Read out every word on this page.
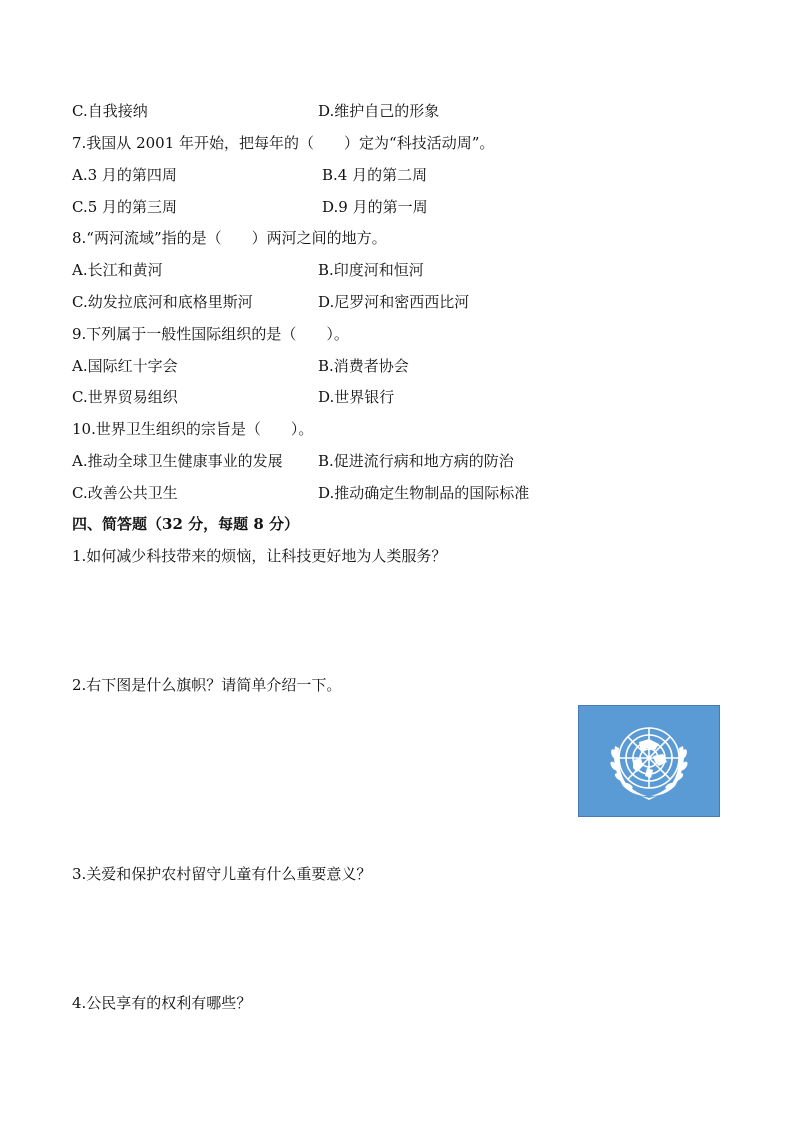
C.自我接纳	D.维护自己的形象
7.我国从 2001 年开始，把每年的（　　）定为“科技活动周”。
A.3 月的第四周	B.4 月的第二周
C.5 月的第三周	D.9 月的第一周
8.“两河流域”指的是（　　）两河之间的地方。
A.长江和黄河	B.印度河和恒河
C.幼发拉底河和底格里斯河	D.尼罗河和密西西比河
9.下列属于一般性国际组织的是（　　）。
A.国际红十字会	B.消费者协会
C.世界贸易组织	D.世界银行
10.世界卫生组织的宗旨是（　　）。
A.推动全球卫生健康事业的发展 B.促进流行病和地方病的防治
C.改善公共卫生	D.推动确定生物制品的国际标准
四、简答题（32 分，每题 8 分）
1.如何减少科技带来的烦恼，让科技更好地为人类服务？
2.右下图是什么旗帜？请简单介绍一下。
3.关爱和保护农村留守儿童有什么重要意义？
4.公民享有的权利有哪些？
